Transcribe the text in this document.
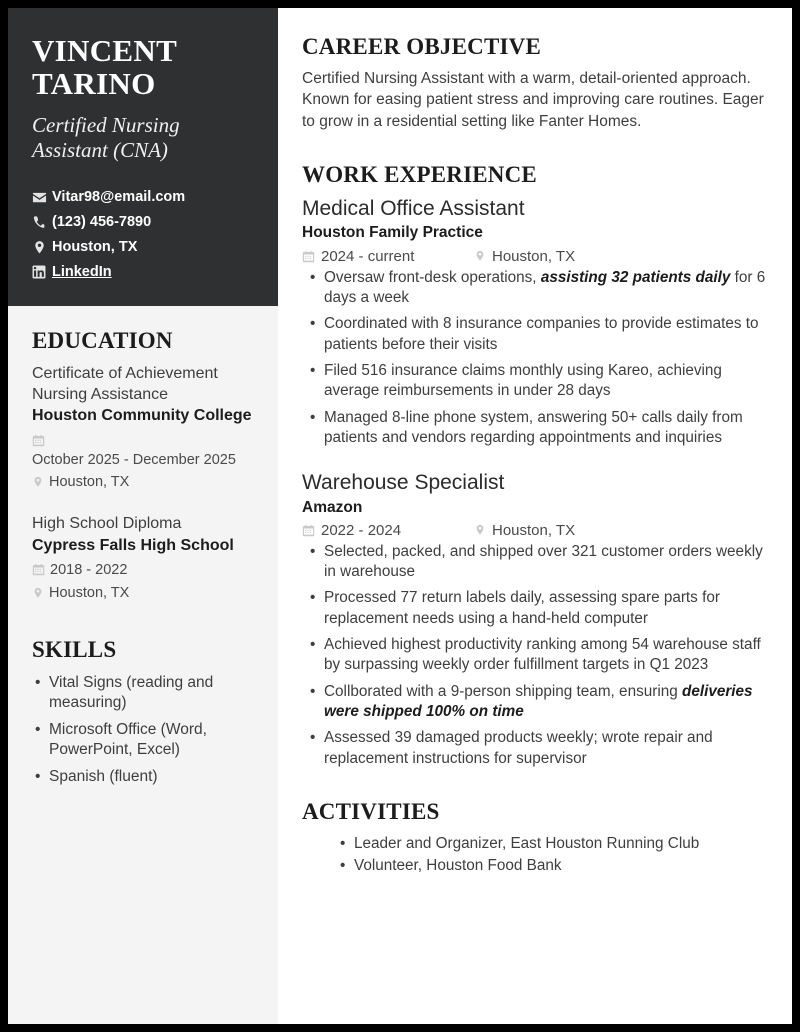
VINCENT TARINO
Certified Nursing Assistant (CNA)
Vitar98@email.com
(123) 456-7890
Houston, TX
LinkedIn
EDUCATION
Certificate of Achievement
Nursing Assistance
Houston Community College
October 2025 - December 2025
Houston, TX
High School Diploma
Cypress Falls High School
2018 - 2022
Houston, TX
SKILLS
• Vital Signs (reading and measuring)
• Microsoft Office (Word, PowerPoint, Excel)
• Spanish (fluent)
CAREER OBJECTIVE

Certified Nursing Assistant with a warm, detail-oriented approach. Known for easing patient stress and improving care routines. Eager to grow in a residential setting like Fanter Homes.

WORK EXPERIENCE
Medical Office Assistant
Houston Family Practice
2024 - current	Houston, TX
• Oversaw front-desk operations, assisting 32 patients daily for 6 days a week
• Coordinated with 8 insurance companies to provide estimates to patients before their visits
• Filed 516 insurance claims monthly using Kareo, achieving average reimbursements in under 28 days
• Managed 8-line phone system, answering 50+ calls daily from patients and vendors regarding appointments and inquiries
Warehouse Specialist
Amazon
2022 - 2024	Houston, TX
• Selected, packed, and shipped over 321 customer orders weekly in warehouse
• Processed 77 return labels daily, assessing spare parts for replacement needs using a hand-held computer
• Achieved highest productivity ranking among 54 warehouse staff by surpassing weekly order fulfillment targets in Q1 2023
• Collborated with a 9-person shipping team, ensuring deliveries were shipped 100% on time
• Assessed 39 damaged products weekly; wrote repair and replacement instructions for supervisor
ACTIVITIES
• Leader and Organizer, East Houston Running Club
• Volunteer, Houston Food Bank
